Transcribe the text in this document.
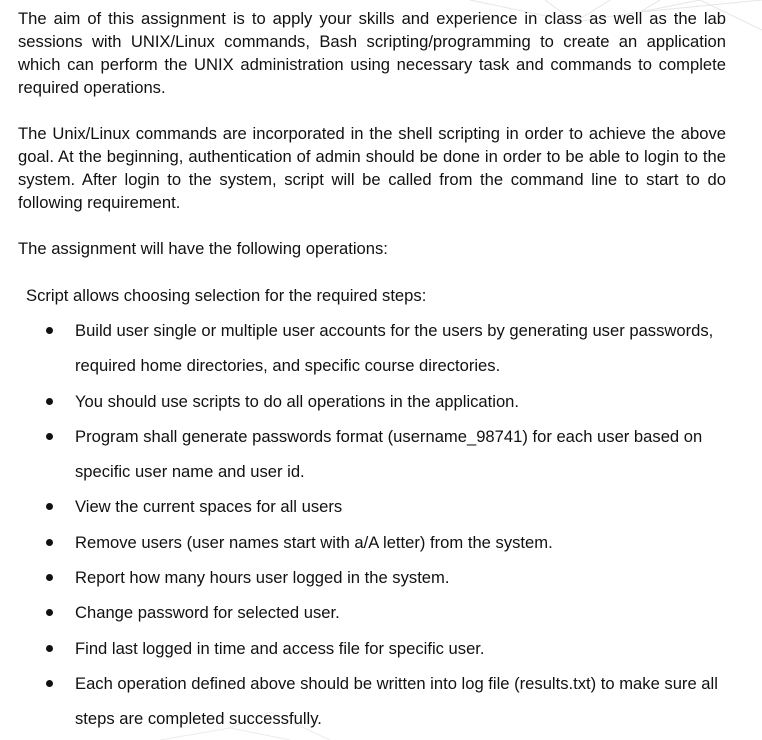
The aim of this assignment is to apply your skills and experience in class as well as the lab sessions with UNIX/Linux commands, Bash scripting/programming to create an application which can perform the UNIX administration using necessary task and commands to complete required operations.

The Unix/Linux commands are incorporated in the shell scripting in order to achieve the above goal. At the beginning, authentication of admin should be done in order to be able to login to the system. After login to the system, script will be called from the command line to start to do following requirement.

The assignment will have the following operations:

Script allows choosing selection for the required steps:

Build user single or multiple user accounts for the users by generating user passwords, required home directories, and specific course directories.
You should use scripts to do all operations in the application.
Program shall generate passwords format (username_98741) for each user based on specific user name and user id.
View the current spaces for all users
Remove users (user names start with a/A letter) from the system.
Report how many hours user logged in the system.
Change password for selected user.
Find last logged in time and access file for specific user.
Each operation defined above should be written into log file (results.txt) to make sure all steps are completed successfully.
